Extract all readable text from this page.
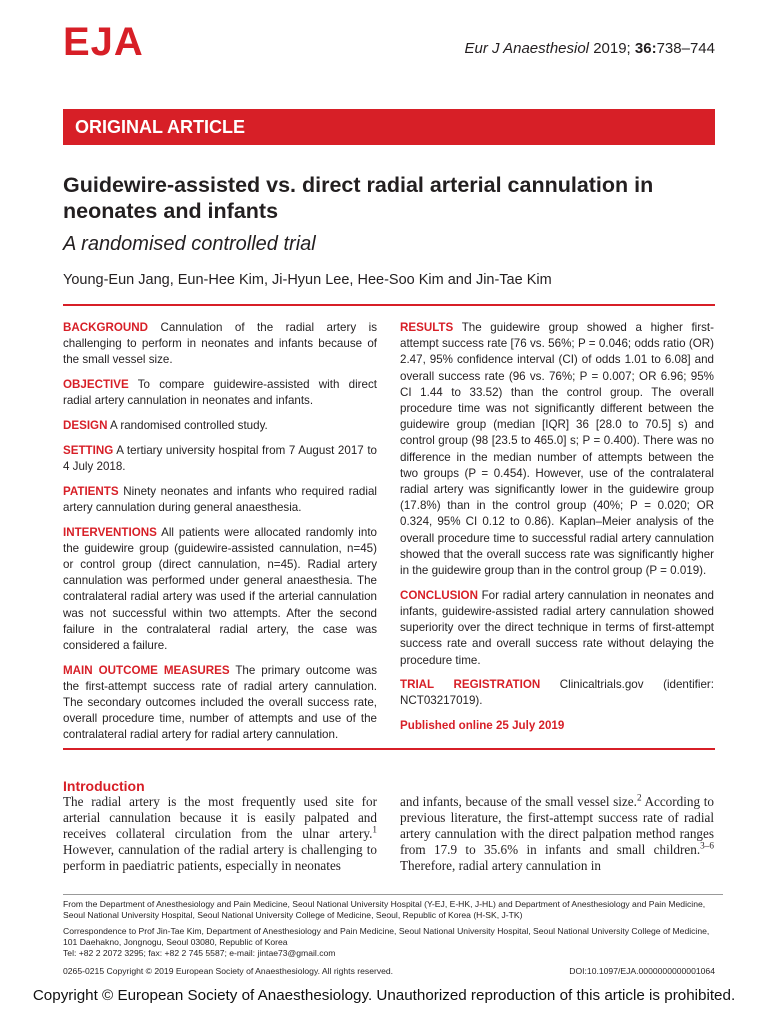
EJA	Eur J Anaesthesiol 2019; 36:738–744
ORIGINAL ARTICLE
Guidewire-assisted vs. direct radial arterial cannulation in neonates and infants
A randomised controlled trial
Young-Eun Jang, Eun-Hee Kim, Ji-Hyun Lee, Hee-Soo Kim and Jin-Tae Kim

BACKGROUND Cannulation of the radial artery is challenging to perform in neonates and infants because of the small vessel size.

OBJECTIVE To compare guidewire-assisted with direct radial artery cannulation in neonates and infants.

DESIGN A randomised controlled study.

SETTING A tertiary university hospital from 7 August 2017 to 4 July 2018.

PATIENTS Ninety neonates and infants who required radial artery cannulation during general anaesthesia.

INTERVENTIONS All patients were allocated randomly into the guidewire group (guidewire-assisted cannulation, n=45) or control group (direct cannulation, n=45). Radial artery cannulation was performed under general anaesthesia. The contralateral radial artery was used if the arterial cannulation was not successful within two attempts. After the second failure in the contralateral radial artery, the case was considered a failure.

MAIN OUTCOME MEASURES The primary outcome was the first-attempt success rate of radial artery cannulation. The secondary outcomes included the overall success rate, overall procedure time, number of attempts and use of the contralateral radial artery for radial artery cannulation.

RESULTS The guidewire group showed a higher first-attempt success rate [76 vs. 56%; P = 0.046; odds ratio (OR) 2.47, 95% confidence interval (CI) of odds 1.01 to 6.08] and overall success rate (96 vs. 76%; P = 0.007; OR 6.96; 95% CI 1.44 to 33.52) than the control group. The overall procedure time was not significantly different between the guidewire group (median [IQR] 36 [28.0 to 70.5] s) and control group (98 [23.5 to 465.0] s; P = 0.400). There was no difference in the median number of attempts between the two groups (P = 0.454). However, use of the contralateral radial artery was significantly lower in the guidewire group (17.8%) than in the control group (40%; P = 0.020; OR 0.324, 95% CI 0.12 to 0.86). Kaplan–Meier analysis of the overall procedure time to successful radial artery cannulation showed that the overall success rate was significantly higher in the guidewire group than in the control group (P = 0.019).

CONCLUSION For radial artery cannulation in neonates and infants, guidewire-assisted radial artery cannulation showed superiority over the direct technique in terms of first-attempt success rate and overall success rate without delaying the procedure time.

TRIAL REGISTRATION Clinicaltrials.gov (identifier: NCT03217019).

Published online 25 July 2019

Introduction

The radial artery is the most frequently used site for arterial cannulation because it is easily palpated and receives collateral circulation from the ulnar artery.$^1$ However, cannulation of the radial artery is challenging to perform in paediatric patients, especially in neonates

and infants, because of the small vessel size.$^2$ According to previous literature, the first-attempt success rate of radial artery cannulation with the direct palpation method ranges from 17.9 to 35.6% in infants and small children.$^{3-6}$ Therefore, radial artery cannulation in

From the Department of Anesthesiology and Pain Medicine, Seoul National University Hospital (Y-EJ, E-HK, J-HL) and Department of Anesthesiology and Pain Medicine, Seoul National University Hospital, Seoul National University College of Medicine, Seoul, Republic of Korea (H-SK, J-TK)

Correspondence to Prof Jin-Tae Kim, Department of Anesthesiology and Pain Medicine, Seoul National University Hospital, Seoul National University College of Medicine, 101 Daehakno, Jongnogu, Seoul 03080, Republic of Korea

Tel: +82 2 2072 3295; fax: +82 2 745 5587; e-mail: jintae73@gmail.com

0265-0215 Copyright © 2019 European Society of Anaesthesiology. All rights reserved.	DOI:10.1097/EJA.0000000000001064
Copyright © European Society of Anaesthesiology. Unauthorized reproduction of this article is prohibited.
